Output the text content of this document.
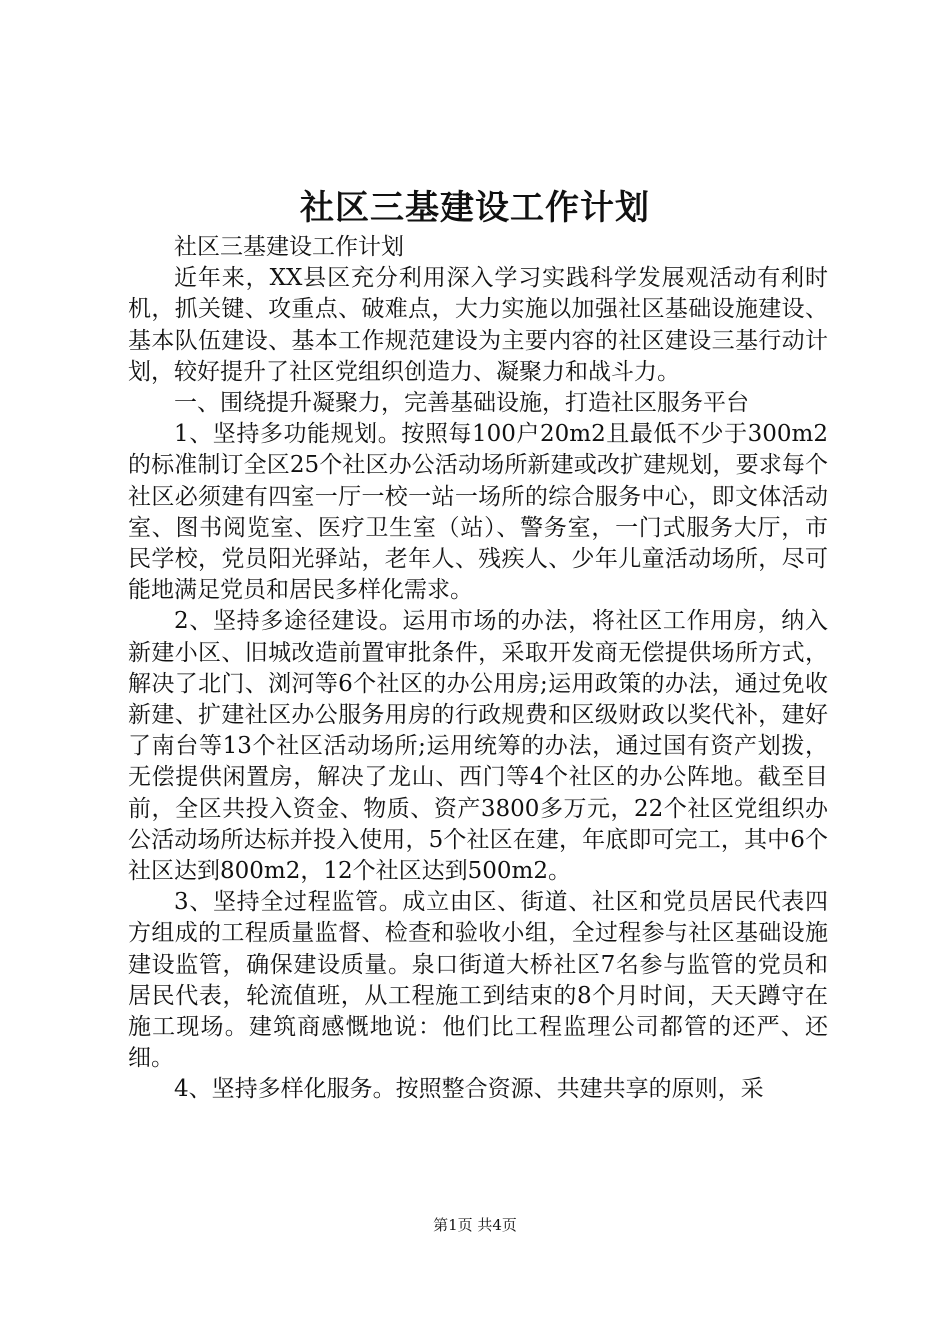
社区三基建设工作计划

社区三基建设工作计划

近年来，XX县区充分利用深入学习实践科学发展观活动有利时机，抓关键、攻重点、破难点，大力实施以加强社区基础设施建设、基本队伍建设、基本工作规范建设为主要内容的社区建设三基行动计划，较好提升了社区党组织创造力、凝聚力和战斗力。

一、围绕提升凝聚力，完善基础设施，打造社区服务平台

1、坚持多功能规划。按照每100户20m2且最低不少于300m2的标准制订全区25个社区办公活动场所新建或改扩建规划，要求每个社区必须建有四室一厅一校一站一场所的综合服务中心，即文体活动室、图书阅览室、医疗卫生室（站）、警务室，一门式服务大厅，市民学校，党员阳光驿站，老年人、残疾人、少年儿童活动场所，尽可能地满足党员和居民多样化需求。

2、坚持多途径建设。运用市场的办法，将社区工作用房，纳入新建小区、旧城改造前置审批条件，采取开发商无偿提供场所方式，解决了北门、浏河等6个社区的办公用房;运用政策的办法，通过免收新建、扩建社区办公服务用房的行政规费和区级财政以奖代补，建好了南台等13个社区活动场所;运用统筹的办法，通过国有资产划拨，无偿提供闲置房，解决了龙山、西门等4个社区的办公阵地。截至目前，全区共投入资金、物质、资产3800多万元，22个社区党组织办公活动场所达标并投入使用，5个社区在建，年底即可完工，其中6个社区达到800m2，12个社区达到500m2。

3、坚持全过程监管。成立由区、街道、社区和党员居民代表四方组成的工程质量监督、检查和验收小组，全过程参与社区基础设施建设监管，确保建设质量。泉口街道大桥社区7名参与监管的党员和居民代表，轮流值班，从工程施工到结束的8个月时间，天天蹲守在施工现场。建筑商感慨地说：他们比工程监理公司都管的还严、还细。

4、坚持多样化服务。按照整合资源、共建共享的原则，采

第1页 共4页
